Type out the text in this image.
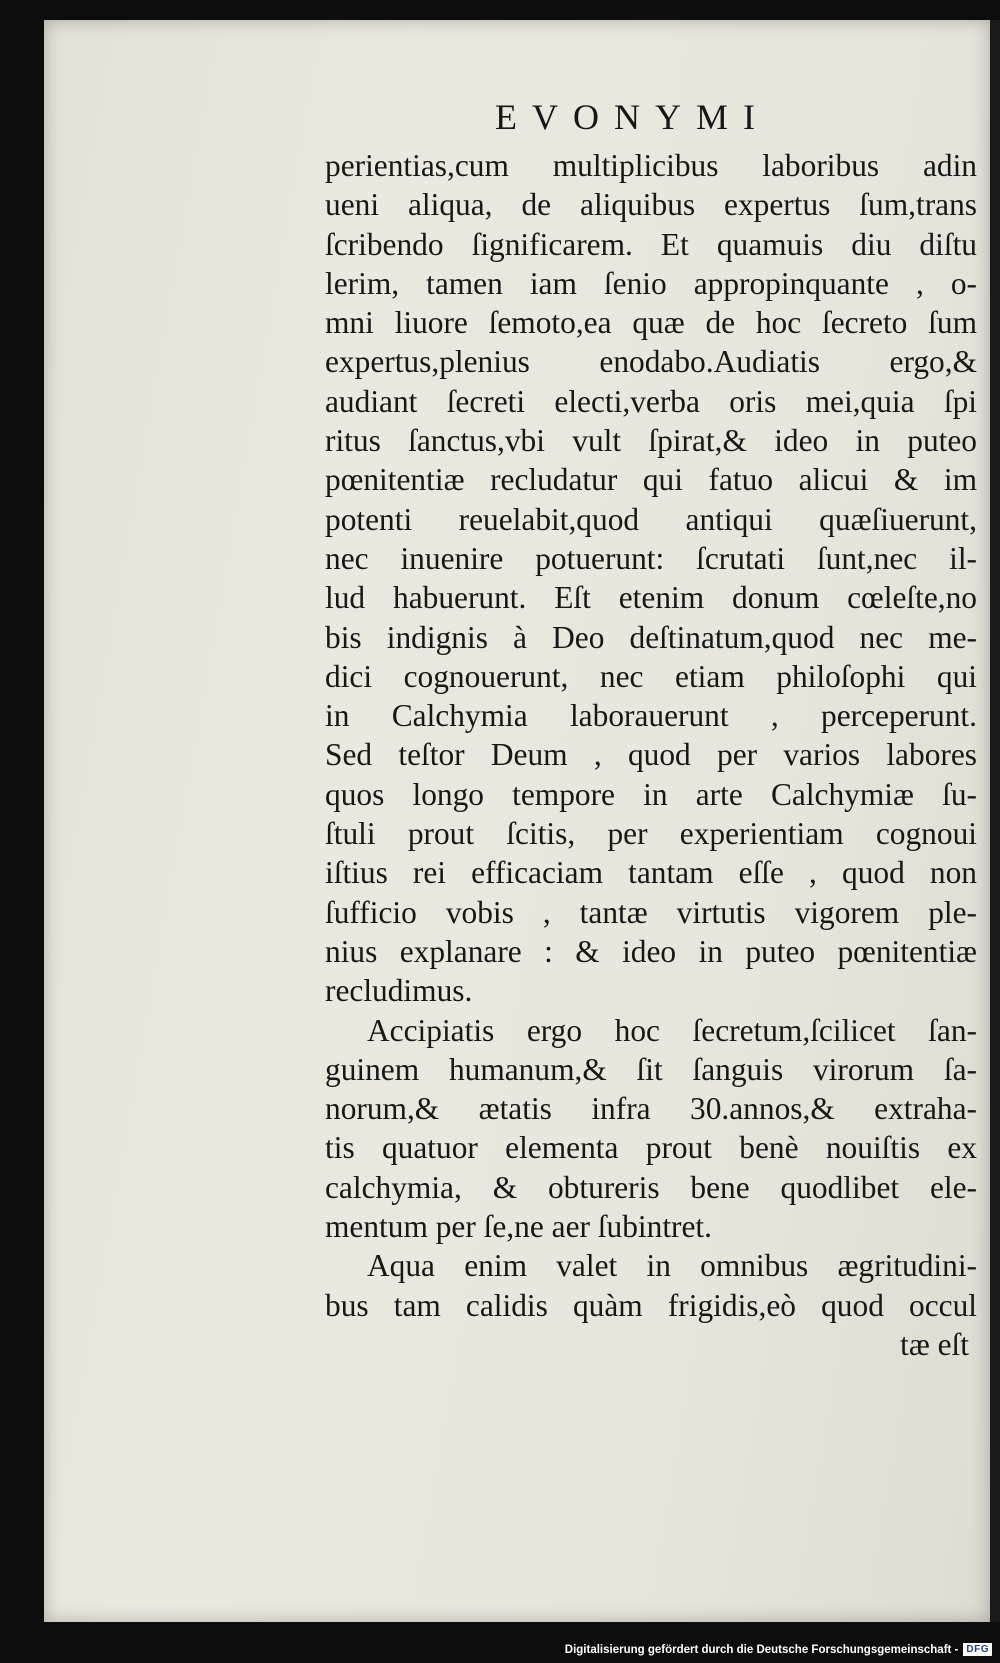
EVONYMI
perientias,cum multiplicibus laboribus adin
ueni aliqua, de aliquibus expertus ſum,trans
ſcribendo ſignificarem. Et quamuis diu diſtu
lerim, tamen iam ſenio appropinquante , o-
mni liuore ſemoto,ea quæ de hoc ſecreto ſum
expertus,plenius enodabo.Audiatis ergo,&
audiant ſecreti electi,verba oris mei,quia ſpi
ritus ſanctus,vbi vult ſpirat,& ideo in puteo
pœnitentiæ recludatur qui fatuo alicui & im
potenti reuelabit,quod antiqui quæſiuerunt,
nec inuenire potuerunt: ſcrutati ſunt,nec il-
lud habuerunt. Eſt etenim donum cœleſte,no
bis indignis à Deo deſtinatum,quod nec me-
dici cognouerunt, nec etiam philoſophi qui
in Calchymia laborauerunt , perceperunt.
Sed teſtor Deum , quod per varios labores
quos longo tempore in arte Calchymiæ ſu-
ſtuli prout ſcitis, per experientiam cognoui
iſtius rei efficaciam tantam eſſe , quod non
ſufficio vobis , tantæ virtutis vigorem ple-
nius explanare : & ideo in puteo pœnitentiæ
recludimus.
Accipiatis ergo hoc ſecretum,ſcilicet ſan-
guinem humanum,& ſit ſanguis virorum ſa-
norum,& ætatis infra 30.annos,& extraha-
tis quatuor elementa prout benè nouiſtis ex
calchymia, & obtureris bene quodlibet ele-
mentum per ſe,ne aer ſubintret.
Aqua enim valet in omnibus ægritudini-
bus tam calidis quàm frigidis,eò quod occul
tæ eſt
Digitalisierung gefördert durch die Deutsche Forschungsgemeinschaft - DFG
